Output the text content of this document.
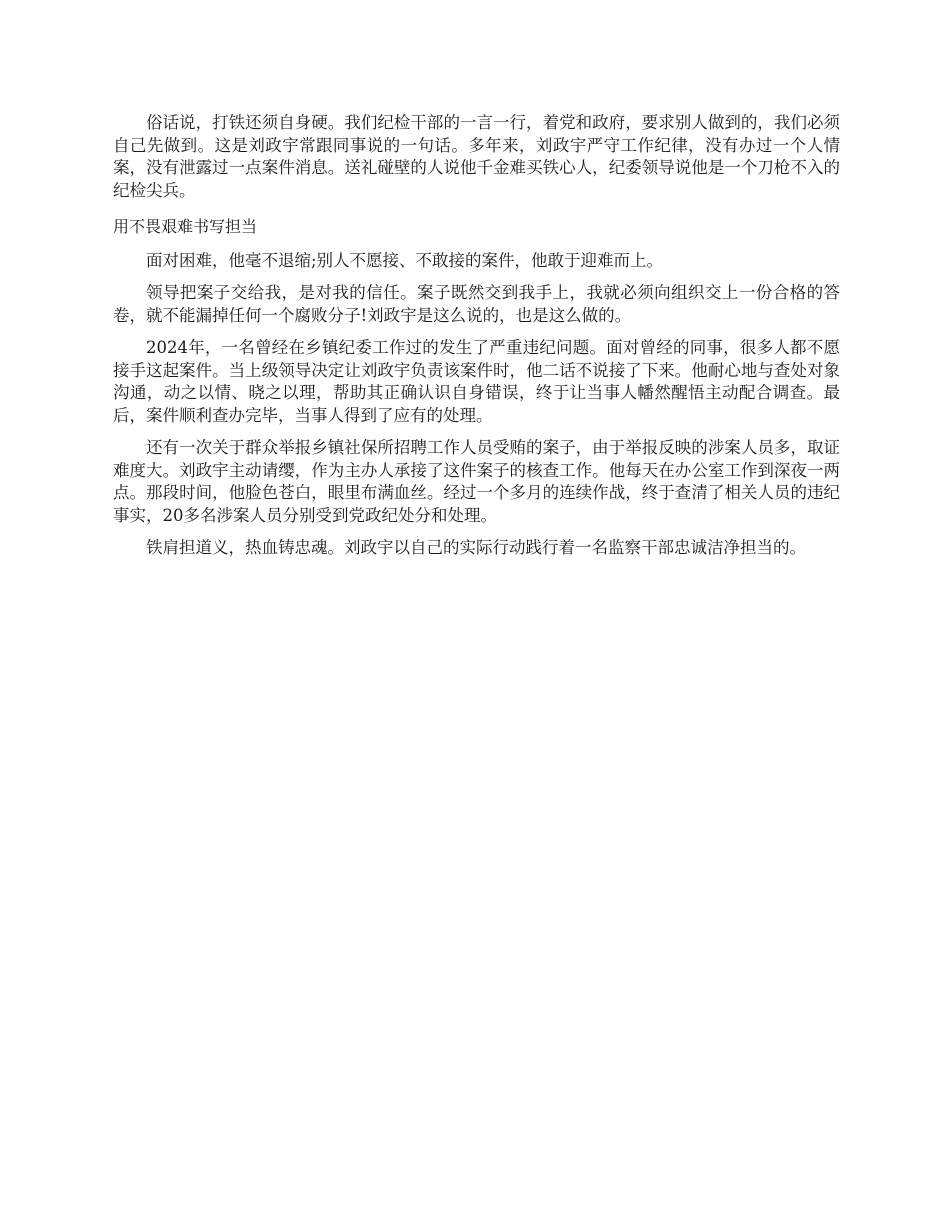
俗话说，打铁还须自身硬。我们纪检干部的一言一行，着党和政府，要求别人做到的，我们必须自己先做到。这是刘政宇常跟同事说的一句话。多年来，刘政宇严守工作纪律，没有办过一个人情案，没有泄露过一点案件消息。送礼碰壁的人说他千金难买铁心人，纪委领导说他是一个刀枪不入的纪检尖兵。

用不畏艰难书写担当

面对困难，他毫不退缩;别人不愿接、不敢接的案件，他敢于迎难而上。

领导把案子交给我，是对我的信任。案子既然交到我手上，我就必须向组织交上一份合格的答卷，就不能漏掉任何一个腐败分子!刘政宇是这么说的，也是这么做的。

2024年，一名曾经在乡镇纪委工作过的发生了严重违纪问题。面对曾经的同事，很多人都不愿接手这起案件。当上级领导决定让刘政宇负责该案件时，他二话不说接了下来。他耐心地与查处对象沟通，动之以情、晓之以理，帮助其正确认识自身错误，终于让当事人幡然醒悟主动配合调查。最后，案件顺利查办完毕，当事人得到了应有的处理。

还有一次关于群众举报乡镇社保所招聘工作人员受贿的案子，由于举报反映的涉案人员多，取证难度大。刘政宇主动请缨，作为主办人承接了这件案子的核查工作。他每天在办公室工作到深夜一两点。那段时间，他脸色苍白，眼里布满血丝。经过一个多月的连续作战，终于查清了相关人员的违纪事实，20多名涉案人员分别受到党政纪处分和处理。

铁肩担道义，热血铸忠魂。刘政宇以自己的实际行动践行着一名监察干部忠诚洁净担当的。
